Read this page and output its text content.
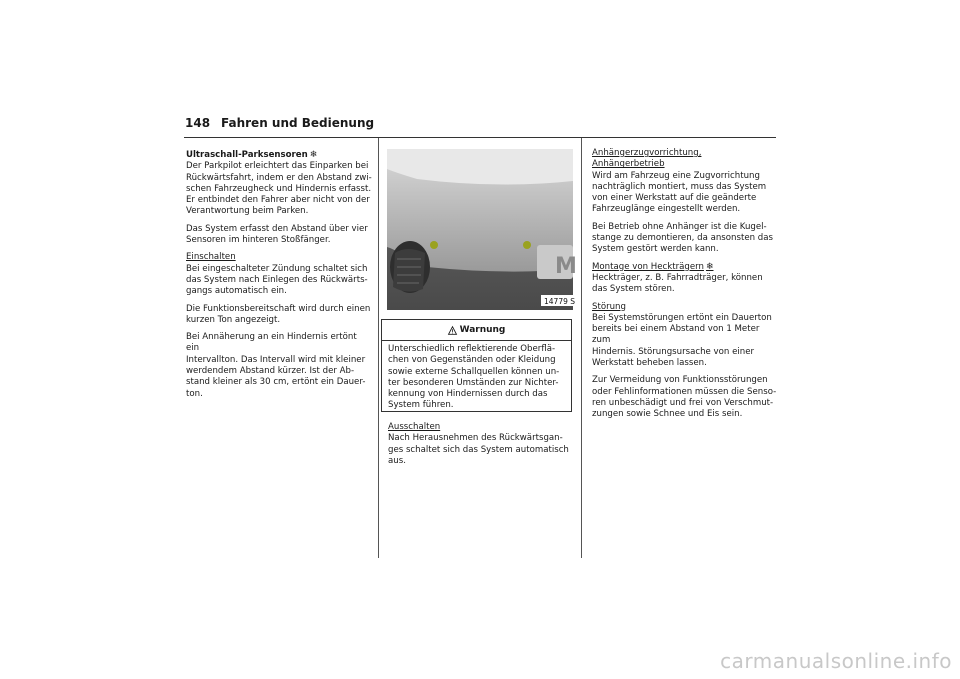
148 Fahren und Bedienung

Ultraschall-Parksensoren ❄
Der Parkpilot erleichtert das Einparken bei
Rückwärtsfahrt, indem er den Abstand zwi-
schen Fahrzeugheck und Hindernis erfasst.
Er entbindet den Fahrer aber nicht von der
Verantwortung beim Parken.

Das System erfasst den Abstand über vier
Sensoren im hinteren Stoßfänger.

Einschalten
Bei eingeschalteter Zündung schaltet sich
das System nach Einlegen des Rückwärts-
gangs automatisch ein.

Die Funktionsbereitschaft wird durch einen
kurzen Ton angezeigt.

Bei Annäherung an ein Hindernis ertönt ein
Intervallton. Das Intervall wird mit kleiner
werdendem Abstand kürzer. Ist der Ab-
stand kleiner als 30 cm, ertönt ein Dauer-
ton.

M
14779 S
Warnung
Unterschiedlich reflektierende Oberflä-
chen von Gegenständen oder Kleidung
sowie externe Schallquellen können un-
ter besonderen Umständen zur Nichter-
kennung von Hindernissen durch das
System führen.

Ausschalten
Nach Herausnehmen des Rückwärtsgan-
ges schaltet sich das System automatisch
aus.

Anhängerzugvorrichtung,
Anhängerbetrieb
Wird am Fahrzeug eine Zugvorrichtung
nachträglich montiert, muss das System
von einer Werkstatt auf die geänderte
Fahrzeuglänge eingestellt werden.

Bei Betrieb ohne Anhänger ist die Kugel-
stange zu demontieren, da ansonsten das
System gestört werden kann.

Montage von Heckträgern ❄
Heckträger, z. B. Fahrradträger, können
das System stören.

Störung
Bei Systemstörungen ertönt ein Dauerton
bereits bei einem Abstand von 1 Meter zum
Hindernis. Störungsursache von einer
Werkstatt beheben lassen.

Zur Vermeidung von Funktionsstörungen
oder Fehlinformationen müssen die Senso-
ren unbeschädigt und frei von Verschmut-
zungen sowie Schnee und Eis sein.

carmanualsonline.info
